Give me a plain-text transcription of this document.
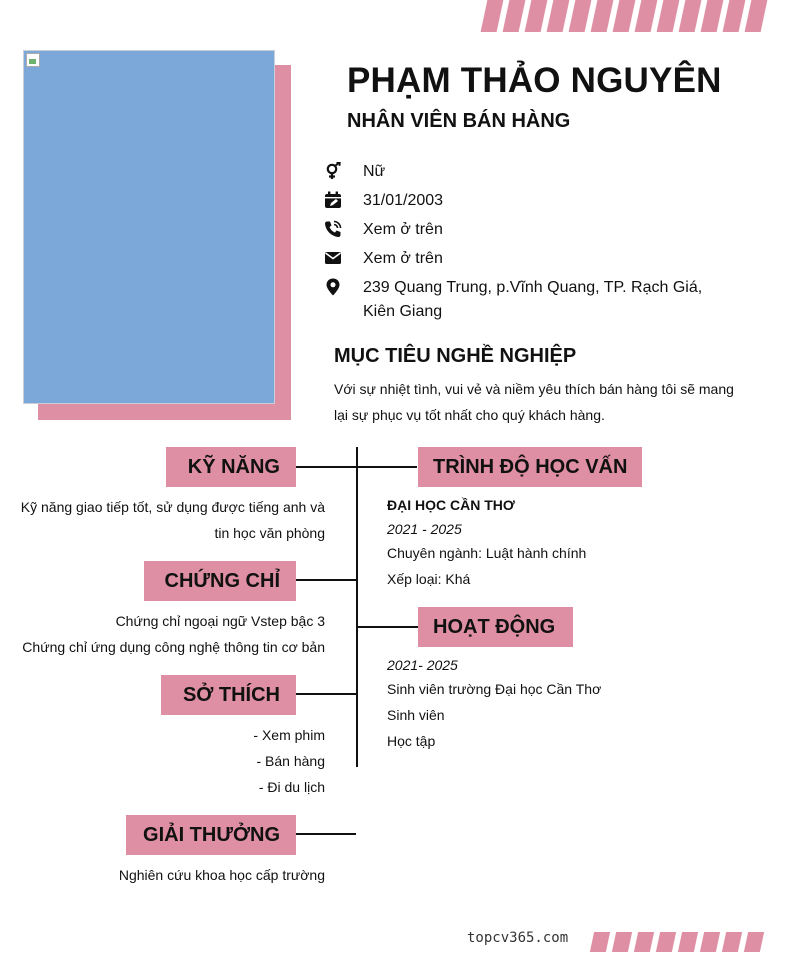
PHẠM THẢO NGUYÊN
NHÂN VIÊN BÁN HÀNG
Nữ
31/01/2003
Xem ở trên
Xem ở trên
239 Quang Trung, p.Vĩnh Quang, TP. Rạch Giá, Kiên Giang
MỤC TIÊU NGHỀ NGHIỆP
Với sự nhiệt tình, vui vẻ và niềm yêu thích bán hàng tôi sẽ mang lại sự phục vụ tốt nhất cho quý khách hàng.
KỸ NĂNG
Kỹ năng giao tiếp tốt, sử dụng được tiếng anh và tin học văn phòng
CHỨNG CHỈ
Chứng chỉ ngoại ngữ Vstep bậc 3
Chứng chỉ ứng dụng công nghệ thông tin cơ bản
SỞ THÍCH
- Xem phim
- Bán hàng
- Đi du lịch
GIẢI THƯỞNG
Nghiên cứu khoa học cấp trường
TRÌNH ĐỘ HỌC VẤN
ĐẠI HỌC CẦN THƠ
2021 - 2025
Chuyên ngành: Luật hành chính
Xếp loại: Khá
HOẠT ĐỘNG
2021- 2025
Sinh viên trường Đại học Cần Thơ
Sinh viên
Học tập
topcv365.com
